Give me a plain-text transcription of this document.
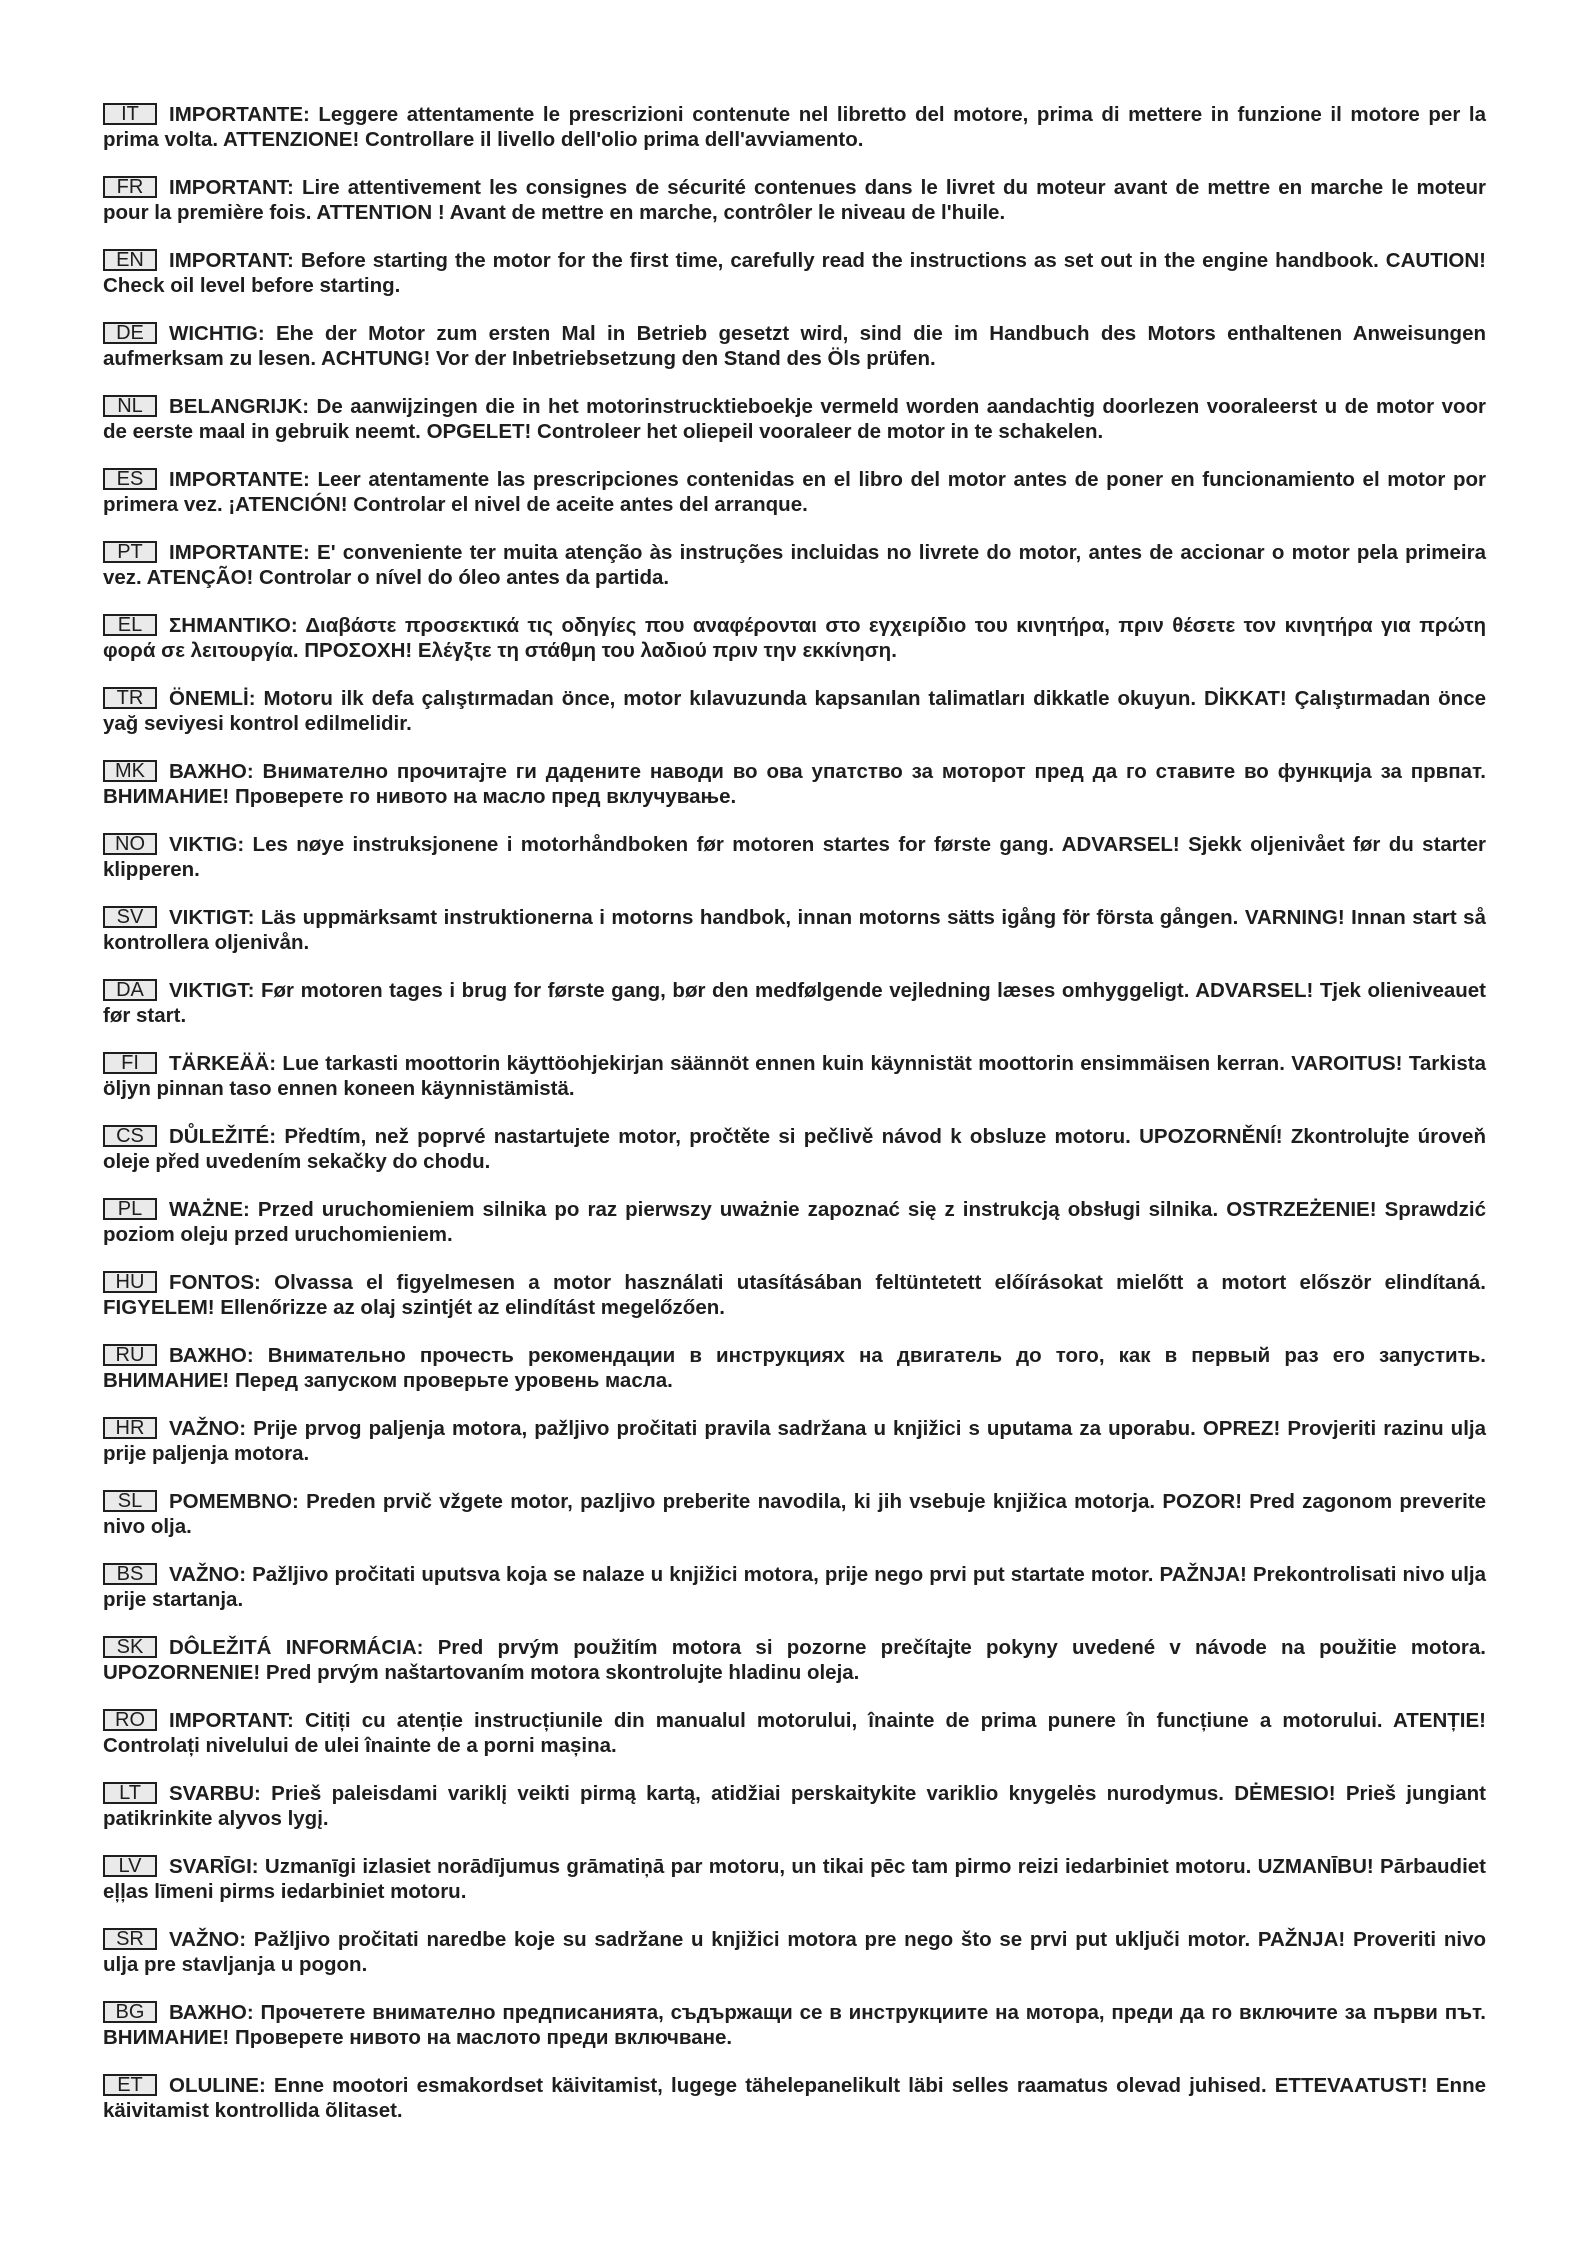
IT IMPORTANTE: Leggere attentamente le prescrizioni contenute nel libretto del motore, prima di mettere in funzione il motore per la prima volta. ATTENZIONE! Controllare il livello dell'olio prima dell'avviamento.

FR IMPORTANT: Lire attentivement les consignes de sécurité contenues dans le livret du moteur avant de mettre en marche le moteur pour la première fois. ATTENTION ! Avant de mettre en marche, contrôler le niveau de l'huile.

EN IMPORTANT: Before starting the motor for the first time, carefully read the instructions as set out in the engine handbook. CAUTION! Check oil level before starting.

DE WICHTIG: Ehe der Motor zum ersten Mal in Betrieb gesetzt wird, sind die im Handbuch des Motors enthaltenen Anweisungen aufmerksam zu lesen. ACHTUNG! Vor der Inbetriebsetzung den Stand des Öls prüfen.

NL BELANGRIJK: De aanwijzingen die in het motorinstrucktieboekje vermeld worden aandachtig doorlezen vooraleerst u de motor voor de eerste maal in gebruik neemt. OPGELET! Controleer het oliepeil vooraleer de motor in te schakelen.

ES IMPORTANTE: Leer atentamente las prescripciones contenidas en el libro del motor antes de poner en funcionamiento el motor por primera vez. ¡ATENCIÓN! Controlar el nivel de aceite antes del arranque.

PT IMPORTANTE: E' conveniente ter muita atenção às instruções incluidas no livrete do motor, antes de accionar o motor pela primeira vez. ATENÇÃO! Controlar o nível do óleo antes da partida.

EL ΣΗΜΑΝΤΙΚΟ: Διαβάστε προσεκτικά τις οδηγίες που αναφέρονται στο εγχειρίδιο του κινητήρα, πριν θέσετε τον κινητήρα για πρώτη φορά σε λειτουργία. ΠΡΟΣΟΧΗ! Ελέγξτε τη στάθμη του λαδιού πριν την εκκίνηση.

TR ÖNEMLİ: Motoru ilk defa çalıştırmadan önce, motor kılavuzunda kapsanılan talimatları dikkatle okuyun. DİKKAT! Çalıştırmadan önce yağ seviyesi kontrol edilmelidir.

MK ВАЖНО: Внимателно прочитајте ги дадените наводи во ова упатство за моторот пред да го ставите во функција за првпат. ВНИМАНИЕ! Проверете го нивото на масло пред вклучување.

NO VIKTIG: Les nøye instruksjonene i motorhåndboken før motoren startes for første gang. ADVARSEL! Sjekk oljenivået før du starter klipperen.

SV VIKTIGT: Läs uppmärksamt instruktionerna i motorns handbok, innan motorns sätts igång för första gången. VARNING! Innan start så kontrollera oljenivån.

DA VIKTIGT: Før motoren tages i brug for første gang, bør den medfølgende vejledning læses omhyggeligt. ADVARSEL! Tjek olieniveauet før start.

FI TÄRKEÄÄ: Lue tarkasti moottorin käyttöohjekirjan säännöt ennen kuin käynnistät moottorin ensimmäisen kerran. VAROITUS! Tarkista öljyn pinnan taso ennen koneen käynnistämistä.

CS DŮLEŽITÉ: Předtím, než poprvé nastartujete motor, pročtěte si pečlivě návod k obsluze motoru. UPOZORNĚNÍ! Zkontrolujte úroveň oleje před uvedením sekačky do chodu.

PL WAŻNE: Przed uruchomieniem silnika po raz pierwszy uważnie zapoznać się z instrukcją obsługi silnika. OSTRZEŻENIE! Sprawdzić poziom oleju przed uruchomieniem.

HU FONTOS: Olvassa el figyelmesen a motor használati utasításában feltüntetett előírásokat mielőtt a motort először elindítaná. FIGYELEM! Ellenőrizze az olaj szintjét az elindítást megelőzően.

RU ВАЖНО: Внимательно прочесть рекомендации в инструкциях на двигатель до того, как в первый раз его запустить. ВНИМАНИЕ! Перед запуском проверьте уровень масла.

HR VAŽNO: Prije prvog paljenja motora, pažljivo pročitati pravila sadržana u knjižici s uputama za uporabu. OPREZ! Provjeriti razinu ulja prije paljenja motora.

SL POMEMBNO: Preden prvič vžgete motor, pazljivo preberite navodila, ki jih vsebuje knjižica motorja. POZOR! Pred zagonom preverite nivo olja.

BS VAŽNO: Pažljivo pročitati uputsva koja se nalaze u knjižici motora, prije nego prvi put startate motor. PAŽNJA! Prekontrolisati nivo ulja prije startanja.

SK DÔLEŽITÁ INFORMÁCIA: Pred prvým použitím motora si pozorne prečítajte pokyny uvedené v návode na použitie motora. UPOZORNENIE! Pred prvým naštartovaním motora skontrolujte hladinu oleja.

RO IMPORTANT: Citiți cu atenție instrucțiunile din manualul motorului, înainte de prima punere în funcțiune a motorului. ATENȚIE! Controlați nivelului de ulei înainte de a porni mașina.

LT SVARBU: Prieš paleisdami variklį veikti pirmą kartą, atidžiai perskaitykite variklio knygelės nurodymus. DĖMESIO! Prieš jungiant patikrinkite alyvos lygį.

LV SVARĪGI: Uzmanīgi izlasiet norādījumus grāmatiņā par motoru, un tikai pēc tam pirmo reizi iedarbiniet motoru. UZMANĪBU! Pārbaudiet eļļas līmeni pirms iedarbiniet motoru.

SR VAŽNO: Pažljivo pročitati naredbe koje su sadržane u knjižici motora pre nego što se prvi put uključi motor. PAŽNJA! Proveriti nivo ulja pre stavljanja u pogon.

BG ВАЖНО: Прочетете внимателно предписанията, съдържащи се в инструкциите на мотора, преди да го включите за първи път. ВНИМАНИЕ! Проверете нивото на маслото преди включване.

ET OLULINE: Enne mootori esmakordset käivitamist, lugege tähelepanelikult läbi selles raamatus olevad juhised. ETTEVAATUST! Enne käivitamist kontrollida õlitaset.
